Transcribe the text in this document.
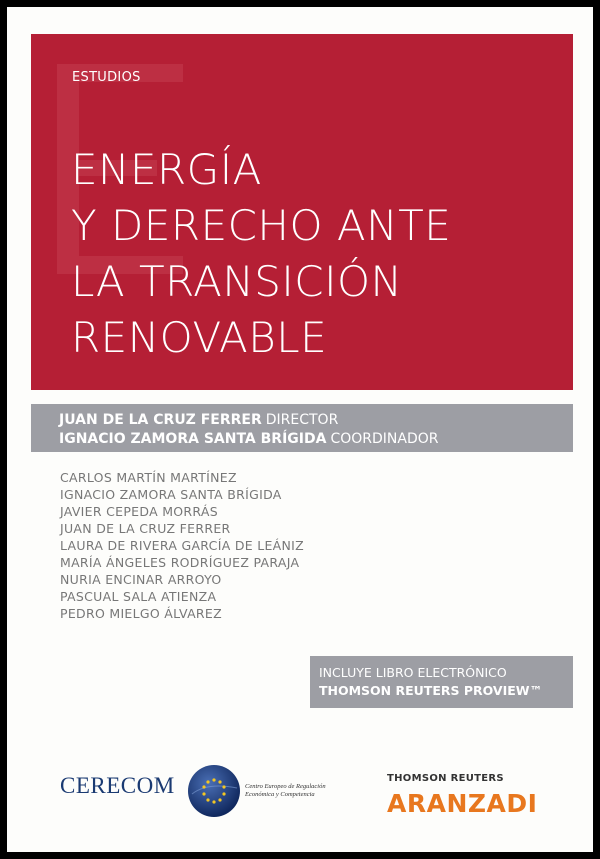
ESTUDIOS
ENERGÍA
Y DERECHO ANTE
LA TRANSICIÓN
RENOVABLE
JUAN DE LA CRUZ FERRER DIRECTOR
IGNACIO ZAMORA SANTA BRÍGIDA COORDINADOR
CARLOS MARTÍN MARTÍNEZ
IGNACIO ZAMORA SANTA BRÍGIDA
JAVIER CEPEDA MORRÁS
JUAN DE LA CRUZ FERRER
LAURA DE RIVERA GARCÍA DE LEÁNIZ
MARÍA ÁNGELES RODRÍGUEZ PARAJA
NURIA ENCINAR ARROYO
PASCUAL SALA ATIENZA
PEDRO MIELGO ÁLVAREZ
INCLUYE LIBRO ELECTRÓNICO
THOMSON REUTERS PROVIEW™
CERECOM	Centro Europeo de Regulación Económica y Competencia
THOMSON REUTERS
ARANZADI
